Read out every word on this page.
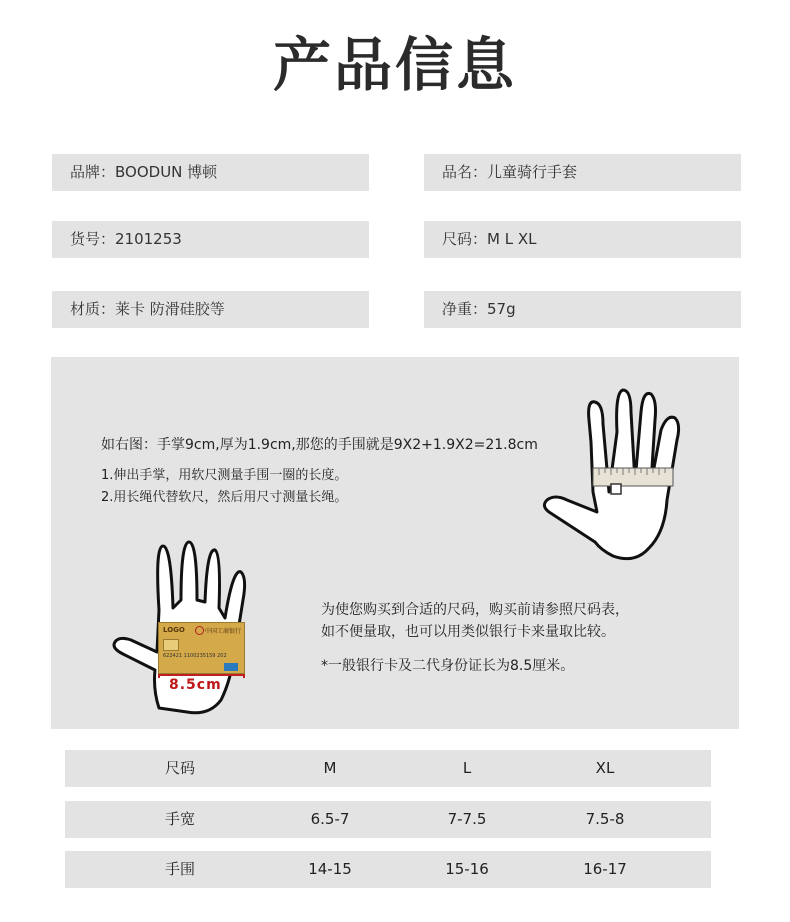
产品信息
品牌：BOODUN 博顿	品名：儿童骑行手套
货号：2101253	尺码：M L XL
材质：莱卡 防滑硅胶等	净重：57g
如右图：手掌9cm,厚为1.9cm,那您的手围就是9X2+1.9X2=21.8cm
1.伸出手掌，用软尺测量手围一圈的长度。
2.用长绳代替软尺，然后用尺寸测量长绳。
LOGO	中国工商银行
622421 1100235159 202
8.5cm
为使您购买到合适的尺码，购买前请参照尺码表，
如不便量取，也可以用类似银行卡来量取比较。
*一般银行卡及二代身份证长为8.5厘米。
尺码	M	L	XL
手宽	6.5-7	7-7.5	7.5-8
手围	14-15	15-16	16-17
